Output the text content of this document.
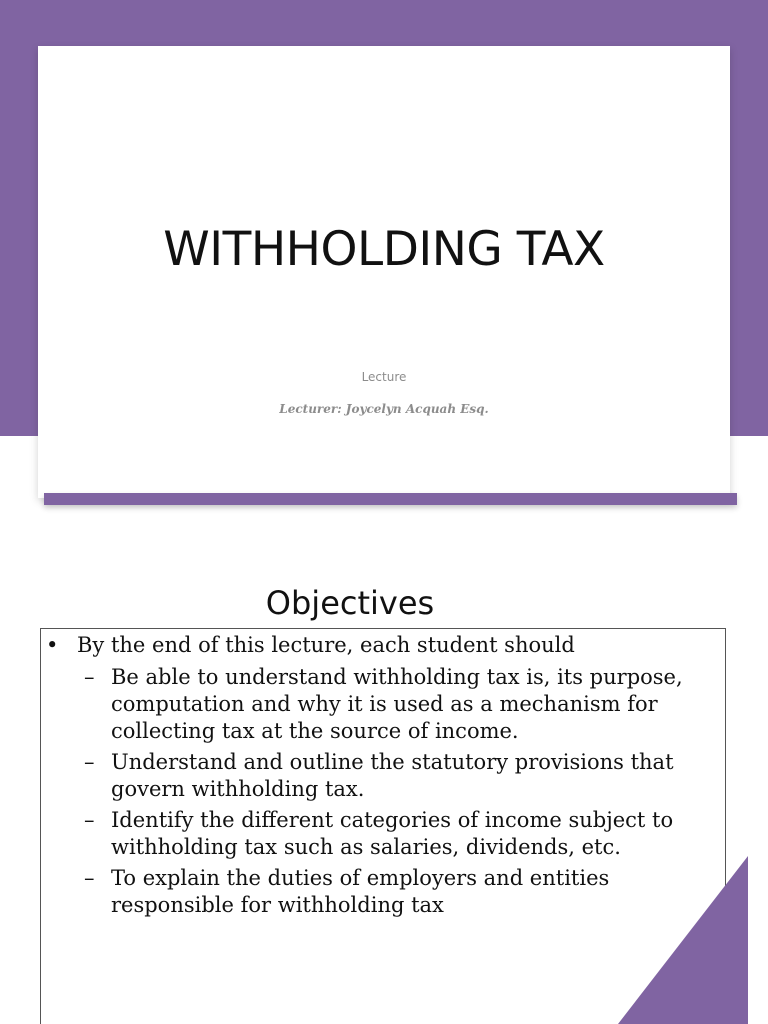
WITHHOLDING TAX
Lecture
Lecturer: Joycelyn Acquah Esq.
Objectives
• By the end of this lecture, each student should
– Be able to understand withholding tax is, its purpose, computation and why it is used as a mechanism for collecting tax at the source of income.
– Understand and outline the statutory provisions that govern withholding tax.
– Identify the different categories of income subject to withholding tax such as salaries, dividends, etc.
– To explain the duties of employers and entities responsible for withholding tax
